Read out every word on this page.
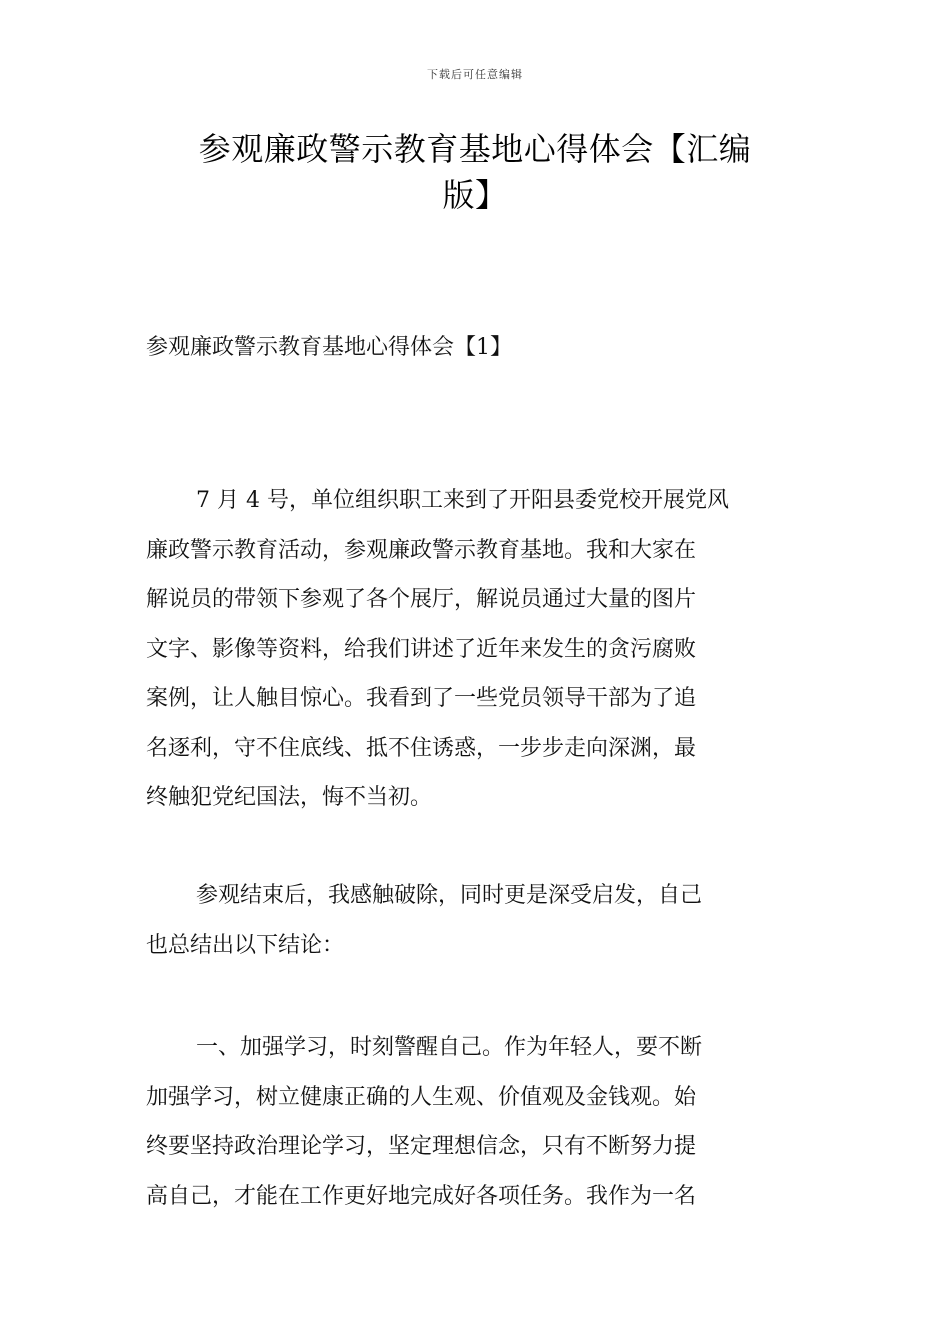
下载后可任意编辑
参观廉政警示教育基地心得体会【汇编
版】
参观廉政警示教育基地心得体会【1】
7 月 4 号，单位组织职工来到了开阳县委党校开展党风
廉政警示教育活动，参观廉政警示教育基地。我和大家在
解说员的带领下参观了各个展厅，解说员通过大量的图片
文字、影像等资料，给我们讲述了近年来发生的贪污腐败
案例，让人触目惊心。我看到了一些党员领导干部为了追
名逐利，守不住底线、抵不住诱惑，一步步走向深渊，最
终触犯党纪国法，悔不当初。
参观结束后，我感触破除，同时更是深受启发，自己
也总结出以下结论：
一、加强学习，时刻警醒自己。作为年轻人，要不断
加强学习，树立健康正确的人生观、价值观及金钱观。始
终要坚持政治理论学习，坚定理想信念，只有不断努力提
高自己，才能在工作更好地完成好各项任务。我作为一名
